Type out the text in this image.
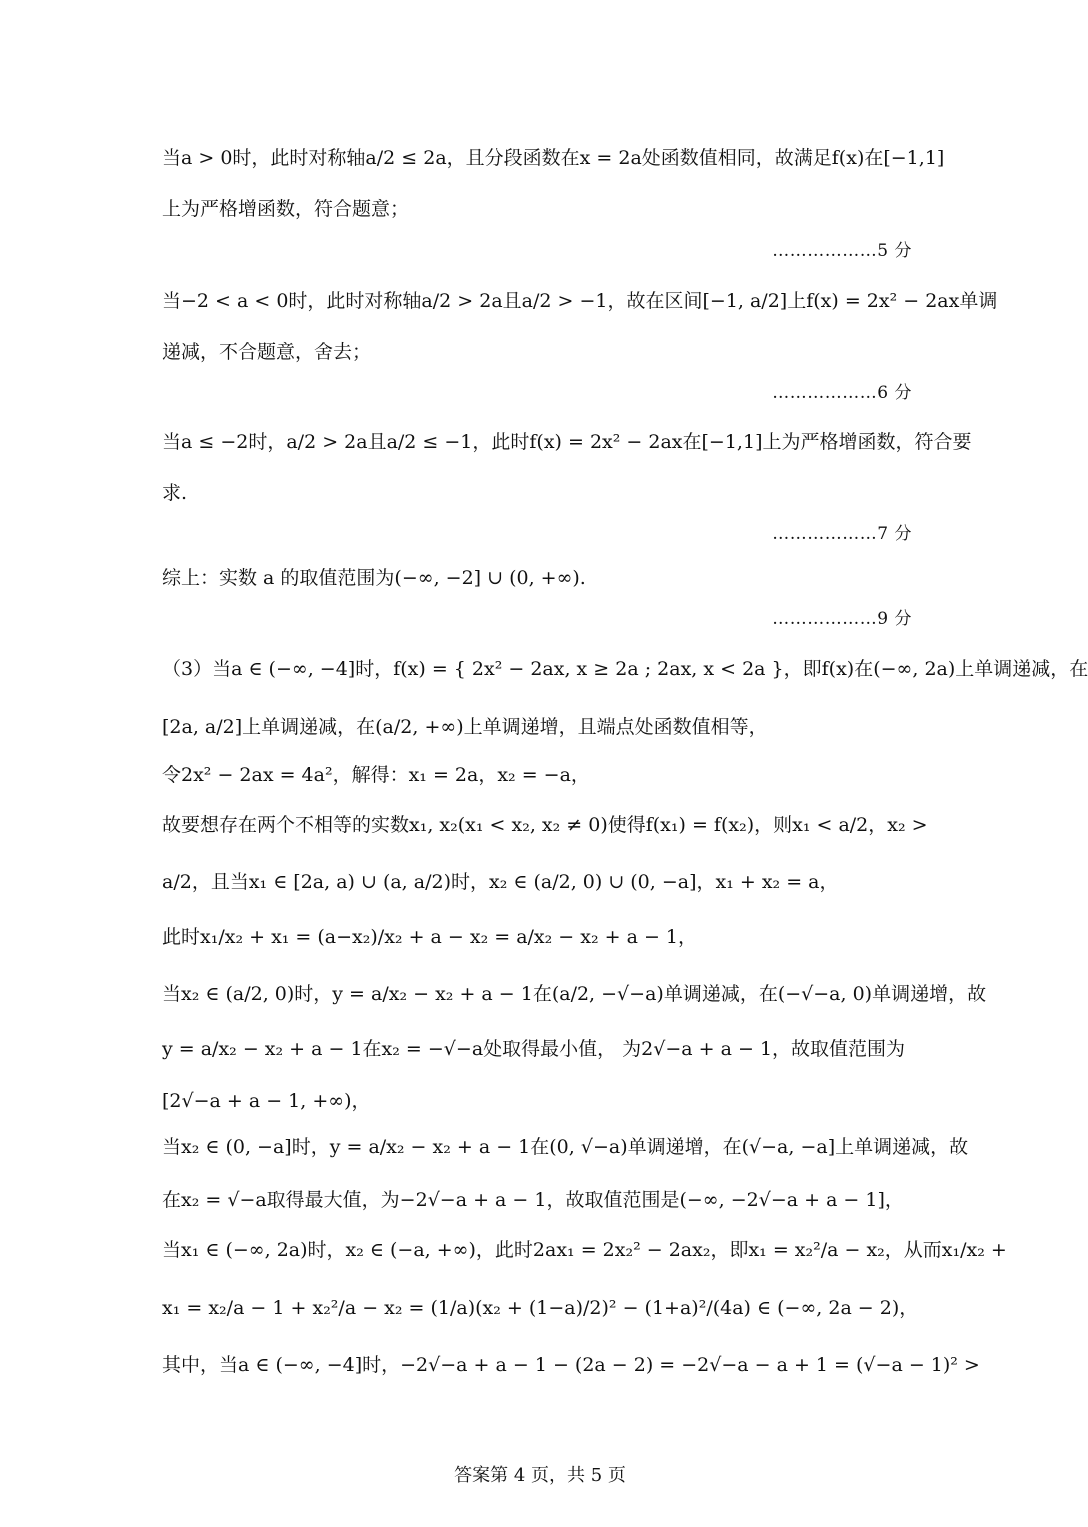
当a > 0时，此时对称轴a/2 ≤ 2a，且分段函数在x = 2a处函数值相同，故满足f(x)在[−1,1]
上为严格增函数，符合题意；
………………5 分
当−2 < a < 0时，此时对称轴a/2 > 2a且a/2 > −1，故在区间[−1, a/2]上f(x) = 2x² − 2ax单调
递减，不合题意，舍去；
………………6 分
当a ≤ −2时，a/2 > 2a且a/2 ≤ −1，此时f(x) = 2x² − 2ax在[−1,1]上为严格增函数，符合要
求.
………………7 分
综上：实数 a 的取值范围为(−∞, −2] ∪ (0, +∞).
………………9 分
（3）当a ∈ (−∞, −4]时，f(x) = { 2x² − 2ax, x ≥ 2a ; 2ax, x < 2a }，即f(x)在(−∞, 2a)上单调递减，在
[2a, a/2]上单调递减，在(a/2, +∞)上单调递增，且端点处函数值相等，
令2x² − 2ax = 4a²，解得：x₁ = 2a，x₂ = −a，
故要想存在两个不相等的实数x₁, x₂(x₁ < x₂, x₂ ≠ 0)使得f(x₁) = f(x₂)，则x₁ < a/2，x₂ >
a/2，且当x₁ ∈ [2a, a) ∪ (a, a/2)时，x₂ ∈ (a/2, 0) ∪ (0, −a]，x₁ + x₂ = a，
此时x₁/x₂ + x₁ = (a−x₂)/x₂ + a − x₂ = a/x₂ − x₂ + a − 1，
当x₂ ∈ (a/2, 0)时，y = a/x₂ − x₂ + a − 1在(a/2, −√−a)单调递减，在(−√−a, 0)单调递增，故
y = a/x₂ − x₂ + a − 1在x₂ = −√−a处取得最小值， 为2√−a + a − 1，故取值范围为
[2√−a + a − 1, +∞)，
当x₂ ∈ (0, −a]时，y = a/x₂ − x₂ + a − 1在(0, √−a)单调递增，在(√−a, −a]上单调递减，故
在x₂ = √−a取得最大值，为−2√−a + a − 1，故取值范围是(−∞, −2√−a + a − 1]，
当x₁ ∈ (−∞, 2a)时，x₂ ∈ (−a, +∞)，此时2ax₁ = 2x₂² − 2ax₂，即x₁ = x₂²/a − x₂，从而x₁/x₂ +
x₁ = x₂/a − 1 + x₂²/a − x₂ = (1/a)(x₂ + (1−a)/2)² − (1+a)²/(4a) ∈ (−∞, 2a − 2)，
其中，当a ∈ (−∞, −4]时，−2√−a + a − 1 − (2a − 2) = −2√−a − a + 1 = (√−a − 1)² >
答案第 4 页，共 5 页
